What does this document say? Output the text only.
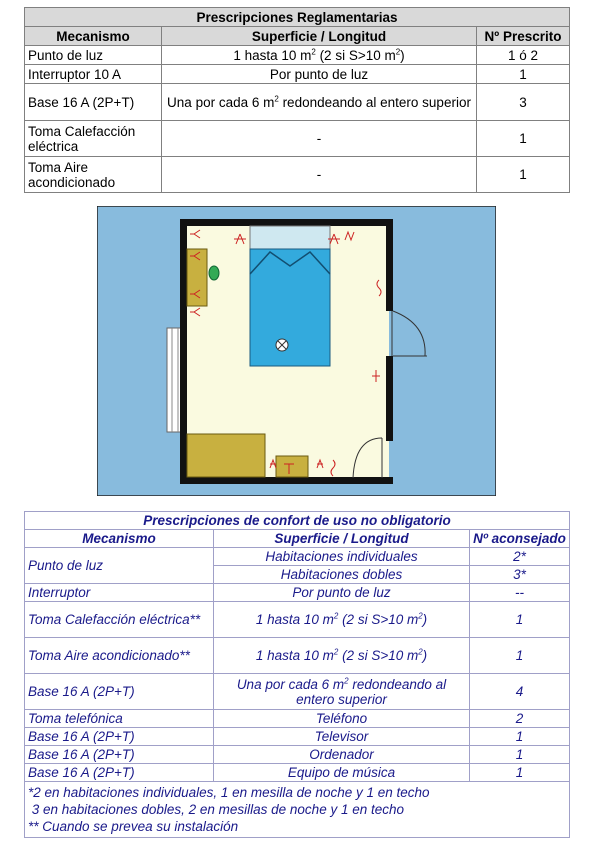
Prescripciones Reglamentarias		
Mecanismo	Superficie / Longitud	Nº Prescrito
Punto de luz	1 hasta 10 $m^2$ (2 si S>10 $m^2$)	1 ó 2
Interruptor 10 A	Por punto de luz	1
Base 16 A (2P+T)	Una por cada 6 $m^2$ redondeando al entero superior	3
Toma Calefacción eléctrica	-	1
Toma Aire acondicionado	-	1
Prescripciones de confort de uso no obligatorio		
Mecanismo	Superficie / Longitud	Nº aconsejado
Punto de luz	Habitaciones individuales	2*
	Habitaciones dobles	3*
Interruptor	Por punto de luz	--
Toma Calefacción eléctrica**	1 hasta 10 $m^2$ (2 si S>10 $m^2$)	1
Toma Aire acondicionado**	1 hasta 10 $m^2$ (2 si S>10 $m^2$)	1
Base 16 A (2P+T)	Una por cada 6 $m^2$ redondeando al entero superior	4
Toma telefónica	Teléfono	2
Base 16 A (2P+T)	Televisor	1
Base 16 A (2P+T)	Ordenador	1
Base 16 A (2P+T)	Equipo de música	1

*2 en habitaciones individuales, 1 en mesilla de noche y 1 en techo
3 en habitaciones dobles, 2 en mesillas de noche y 1 en techo
** Cuando se prevea su instalación		
